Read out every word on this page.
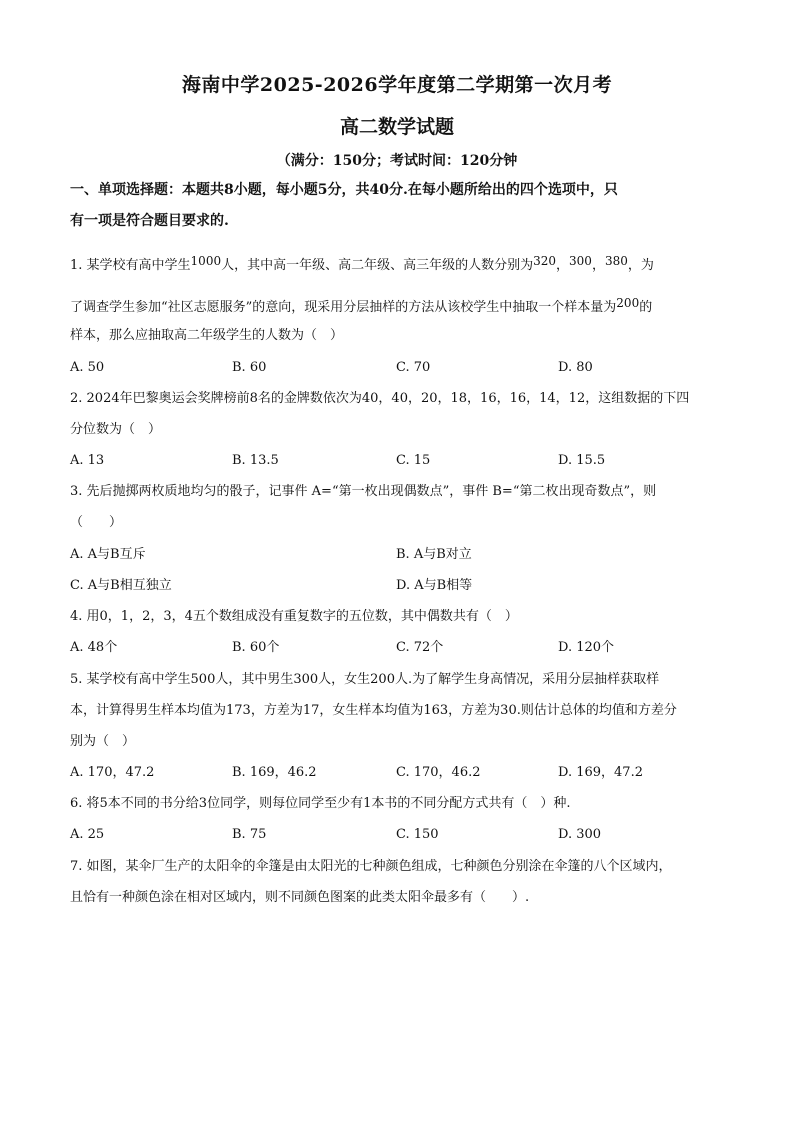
海南中学2025-2026学年度第二学期第一次月考
高二数学试题
（满分：150分；考试时间：120分钟
一、单项选择题：本题共8小题，每小题5分，共40分.在每小题所给出的四个选项中，只
有一项是符合题目要求的.
1. 某学校有高中学生1000人，其中高一年级、高二年级、高三年级的人数分别为320，300，380，为
了调查学生参加“社区志愿服务”的意向，现采用分层抽样的方法从该校学生中抽取一个样本量为200的
样本，那么应抽取高二年级学生的人数为（　）
A. 50	B. 60	C. 70	D. 80
2. 2024年巴黎奥运会奖牌榜前8名的金牌数依次为40，40，20，18，16，16，14，12，这组数据的下四
分位数为（　）
A. 13	B. 13.5	C. 15	D. 15.5
3. 先后抛掷两枚质地均匀的骰子，记事件 A=“第一枚出现偶数点”，事件 B=“第二枚出现奇数点”，则
（　　）
A. A与B互斥	B. A与B对立
C. A与B相互独立	D. A与B相等
4. 用0，1，2，3，4五个数组成没有重复数字的五位数，其中偶数共有（　）
A. 48个	B. 60个	C. 72个	D. 120个
5. 某学校有高中学生500人，其中男生300人，女生200人.为了解学生身高情况，采用分层抽样获取样
本，计算得男生样本均值为173，方差为17，女生样本均值为163，方差为30.则估计总体的均值和方差分
别为（　）
A. 170，47.2	B. 169，46.2	C. 170，46.2	D. 169，47.2
6. 将5本不同的书分给3位同学，则每位同学至少有1本书的不同分配方式共有（　）种.
A. 25	B. 75	C. 150	D. 300
7. 如图，某伞厂生产的太阳伞的伞篷是由太阳光的七种颜色组成，七种颜色分别涂在伞篷的八个区域内，
且恰有一种颜色涂在相对区域内，则不同颜色图案的此类太阳伞最多有（　　）.
